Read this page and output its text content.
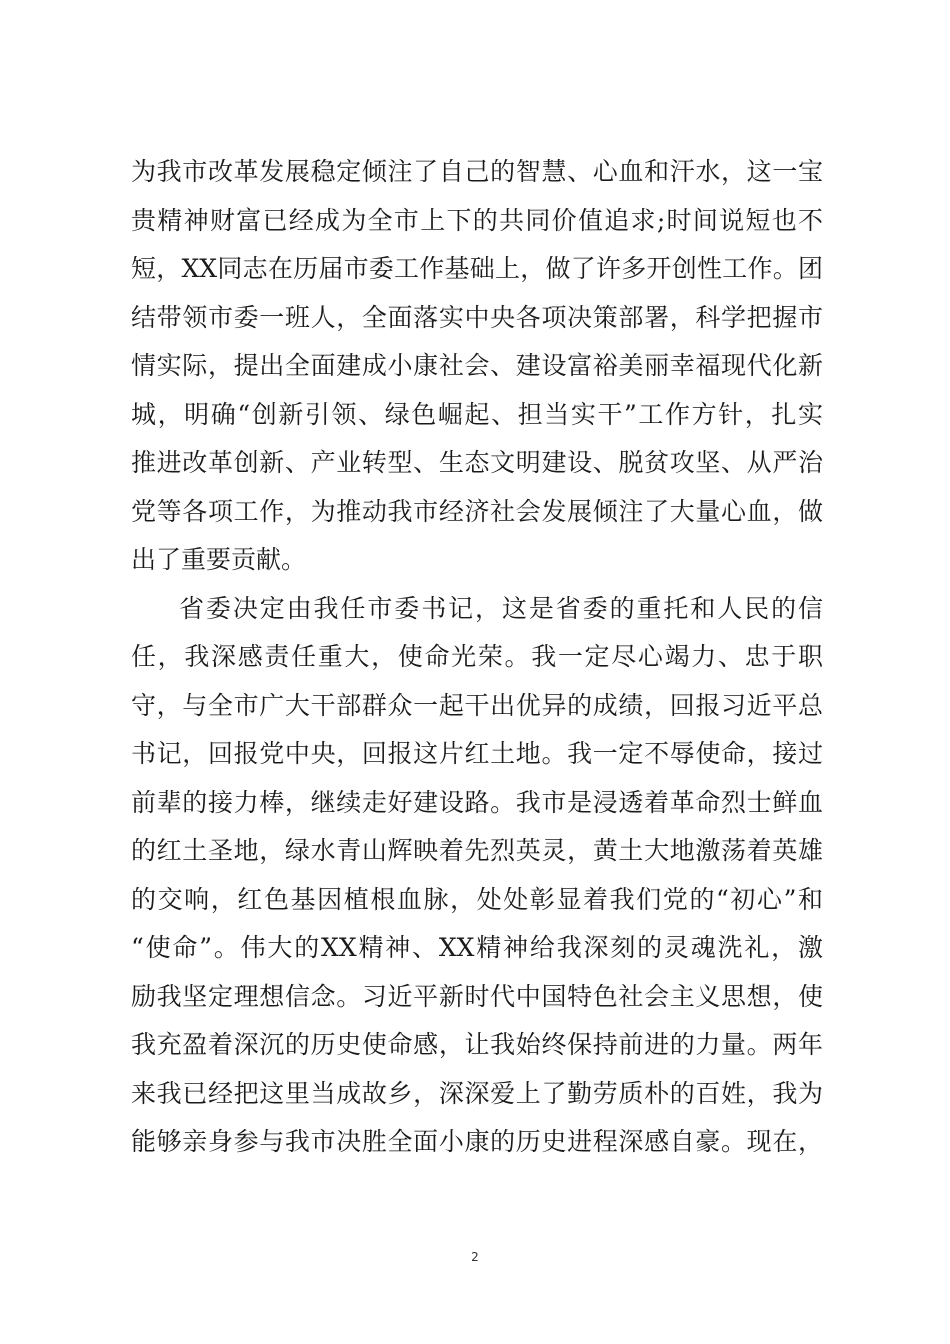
为我市改革发展稳定倾注了自己的智慧、心血和汗水，这一宝
贵精神财富已经成为全市上下的共同价值追求;时间说短也不
短，XX同志在历届市委工作基础上，做了许多开创性工作。团
结带领市委一班人，全面落实中央各项决策部署，科学把握市
情实际，提出全面建成小康社会、建设富裕美丽幸福现代化新
城，明确“创新引领、绿色崛起、担当实干”工作方针，扎实
推进改革创新、产业转型、生态文明建设、脱贫攻坚、从严治
党等各项工作，为推动我市经济社会发展倾注了大量心血，做
出了重要贡献。
省委决定由我任市委书记，这是省委的重托和人民的信
任，我深感责任重大，使命光荣。我一定尽心竭力、忠于职
守，与全市广大干部群众一起干出优异的成绩，回报习近平总
书记，回报党中央，回报这片红土地。我一定不辱使命，接过
前辈的接力棒，继续走好建设路。我市是浸透着革命烈士鲜血
的红土圣地，绿水青山辉映着先烈英灵，黄土大地激荡着英雄
的交响，红色基因植根血脉，处处彰显着我们党的“初心”和
“使命”。伟大的XX精神、XX精神给我深刻的灵魂洗礼，激
励我坚定理想信念。习近平新时代中国特色社会主义思想，使
我充盈着深沉的历史使命感，让我始终保持前进的力量。两年
来我已经把这里当成故乡，深深爱上了勤劳质朴的百姓，我为
能够亲身参与我市决胜全面小康的历史进程深感自豪。现在，
2
